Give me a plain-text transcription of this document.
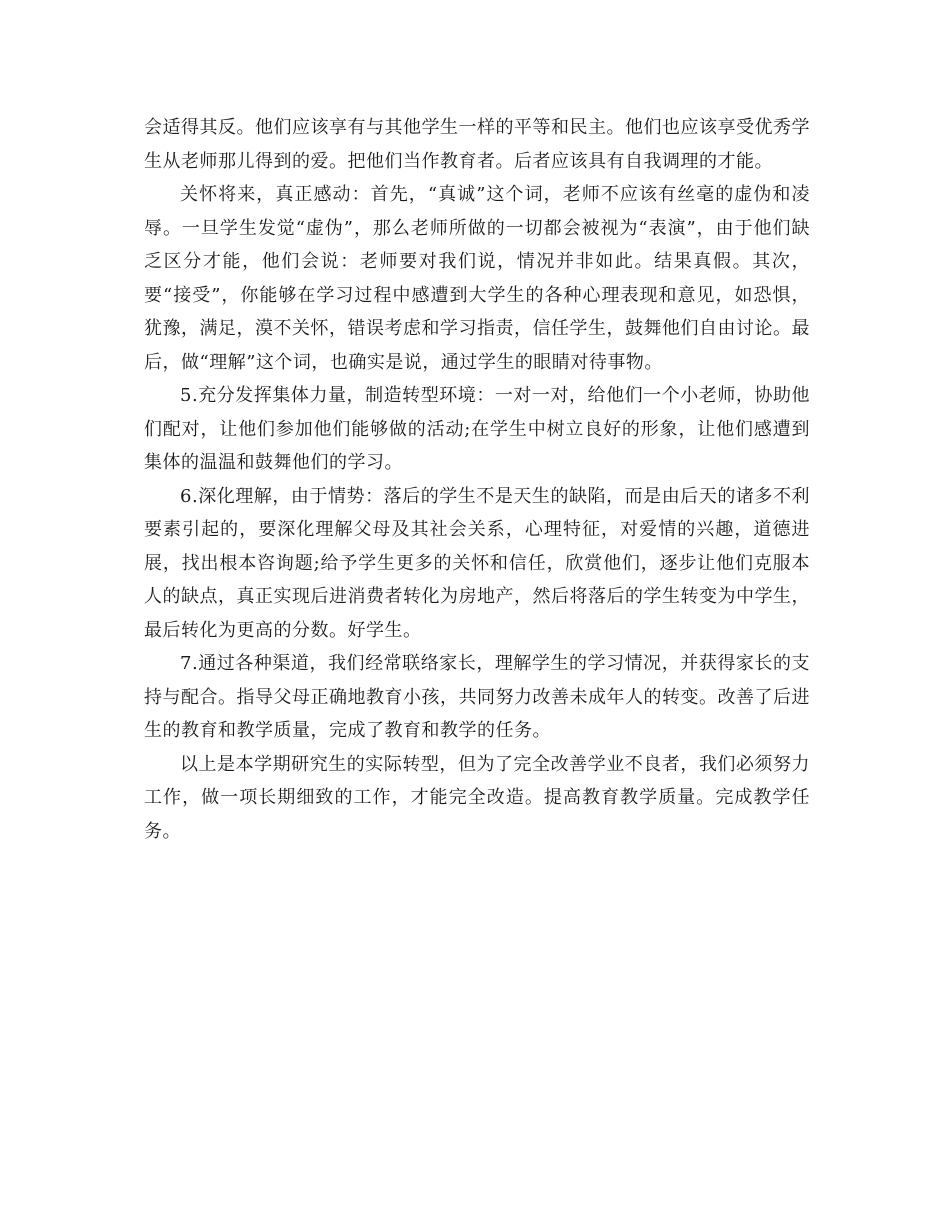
会适得其反。他们应该享有与其他学生一样的平等和民主。他们也应该享受优秀学生从老师那儿得到的爱。把他们当作教育者。后者应该具有自我调理的才能。

关怀将来，真正感动：首先，“真诚”这个词，老师不应该有丝毫的虚伪和凌辱。一旦学生发觉“虚伪”，那么老师所做的一切都会被视为“表演”，由于他们缺乏区分才能，他们会说：老师要对我们说，情况并非如此。结果真假。其次，要“接受”，你能够在学习过程中感遭到大学生的各种心理表现和意见，如恐惧，犹豫，满足，漠不关怀，错误考虑和学习指责，信任学生，鼓舞他们自由讨论。最后，做“理解”这个词，也确实是说，通过学生的眼睛对待事物。

5.充分发挥集体力量，制造转型环境：一对一对，给他们一个小老师，协助他们配对，让他们参加他们能够做的活动;在学生中树立良好的形象，让他们感遭到集体的温温和鼓舞他们的学习。

6.深化理解，由于情势：落后的学生不是天生的缺陷，而是由后天的诸多不利要素引起的，要深化理解父母及其社会关系，心理特征，对爱情的兴趣，道德进展，找出根本咨询题;给予学生更多的关怀和信任，欣赏他们，逐步让他们克服本人的缺点，真正实现后进消费者转化为房地产，然后将落后的学生转变为中学生，最后转化为更高的分数。好学生。

7.通过各种渠道，我们经常联络家长，理解学生的学习情况，并获得家长的支持与配合。指导父母正确地教育小孩，共同努力改善未成年人的转变。改善了后进生的教育和教学质量，完成了教育和教学的任务。

以上是本学期研究生的实际转型，但为了完全改善学业不良者，我们必须努力工作，做一项长期细致的工作，才能完全改造。提高教育教学质量。完成教学任务。
